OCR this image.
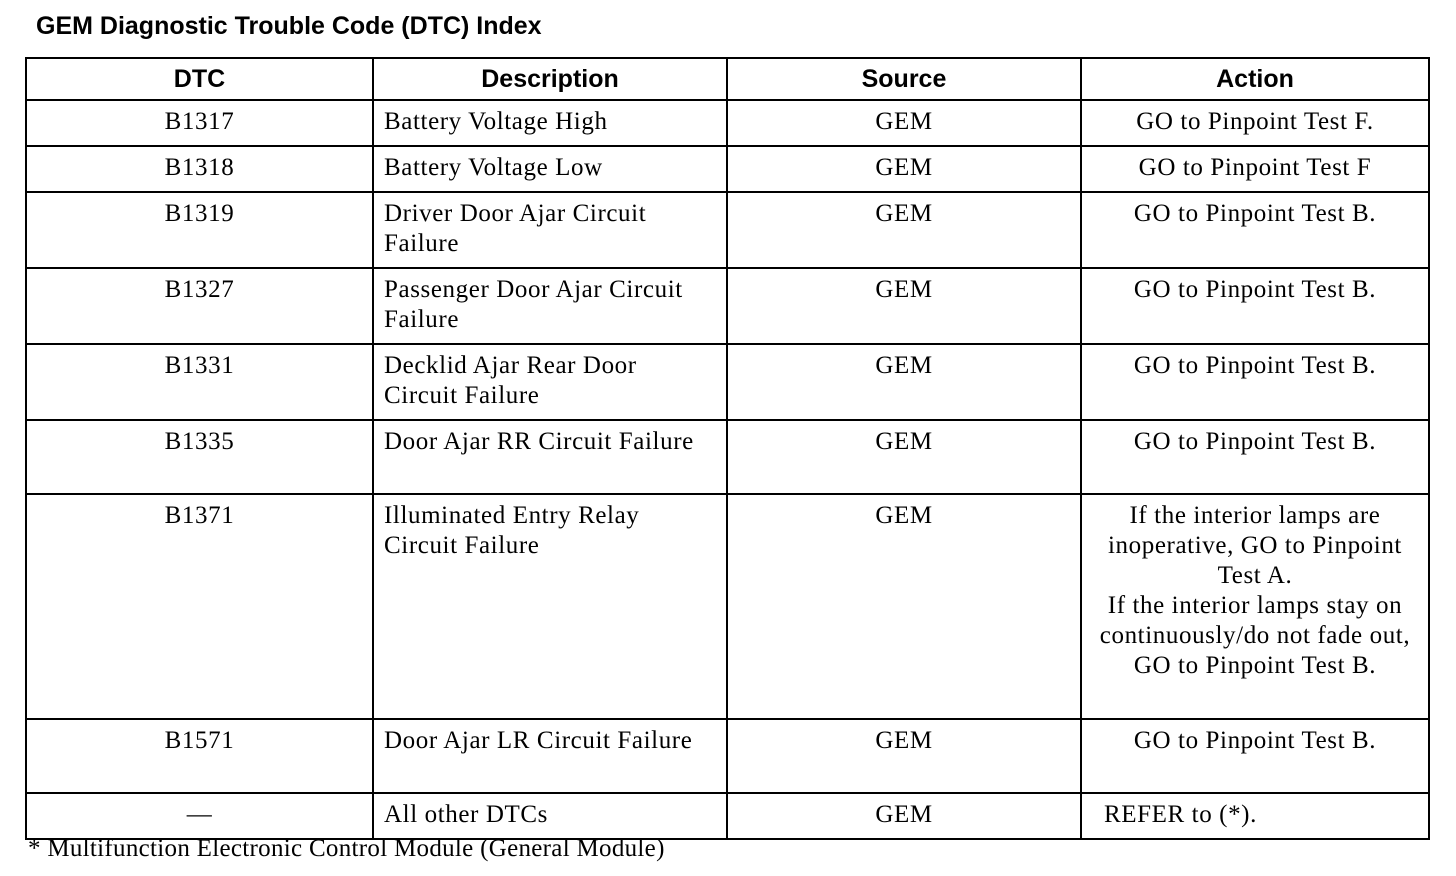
GEM Diagnostic Trouble Code (DTC) Index
DTC	Description	Source	Action
B1317	Battery Voltage High	GEM	GO to Pinpoint Test F.
B1318	Battery Voltage Low	GEM	GO to Pinpoint Test F
B1319	Driver Door Ajar Circuit Failure	GEM	GO to Pinpoint Test B.
B1327	Passenger Door Ajar Circuit Failure	GEM	GO to Pinpoint Test B.
B1331	Decklid Ajar Rear Door Circuit Failure	GEM	GO to Pinpoint Test B.
B1335	Door Ajar RR Circuit Failure	GEM	GO to Pinpoint Test B.
B1371	Illuminated Entry Relay Circuit Failure	GEM	If the interior lamps are inoperative, GO to Pinpoint Test A.
If the interior lamps stay on continuously/do not fade out, GO to Pinpoint Test B.

B1571	Door Ajar LR Circuit Failure	GEM	GO to Pinpoint Test B.
—	All other DTCs	GEM	REFER to (*).

* Multifunction Electronic Control Module (General Module)
